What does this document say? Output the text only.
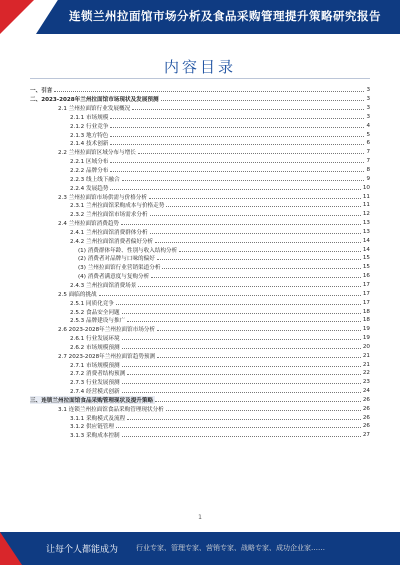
连锁兰州拉面馆市场分析及食品采购管理提升策略研究报告
内容目录
一、引言	3
二、2023-2028年兰州拉面馆市场现状及发展预测	3
2.1 兰州拉面馆行业发展概况	3
2.1.1 市场规模	3
2.1.2 行业竞争	4
2.1.3 地方特色	5
2.1.4 技术创新	6
2.2 兰州拉面馆区域分布与增长	7
2.2.1 区域分布	7
2.2.2 品牌分布	8
2.2.3 线上线下融合	9
2.2.4 发展趋势	10
2.3 兰州拉面馆市场供需与价格分析	11
2.3.1 兰州拉面馆采购成本与价格走势	11
2.3.2 兰州拉面馆市场需求分析	12
2.4 兰州拉面馆消费趋势	13
2.4.1 兰州拉面馆消费群体分析	13
2.4.2 兰州拉面馆消费者偏好分析	14
(1) 消费群体年龄、性别与收入结构分析	14
(2) 消费者对品牌与口味的偏好	15
(3) 兰州拉面馆行业营销渠道分析	15
(4) 消费者满意度与复购分析	16
2.4.3 兰州拉面馆消费场景	17
2.5 面临的挑战	17
2.5.1 同质化竞争	17
2.5.2 食品安全问题	18
2.5.3 品牌建设与推广	18
2.6 2023-2028年兰州拉面馆市场分析	19
2.6.1 行业发展环境	19
2.6.2 市场规模预测	20
2.7 2023-2028年兰州拉面馆趋势预测	21
2.7.1 市场规模预测	21
2.7.2 消费者结构预测	22
2.7.3 行业发展预测	23
2.7.4 经营模式创新	24
三、连锁兰州拉面馆食品采购管理现状及提升策略	26
3.1 连锁兰州拉面馆食品采购管理现状分析	26
3.1.1 采购模式及流程	26
3.1.2 供应链管理	26
3.1.3 采购成本控制	27
1
让每个人都能成为	行业专家、管理专家、营销专家、战略专家、成功企业家……
